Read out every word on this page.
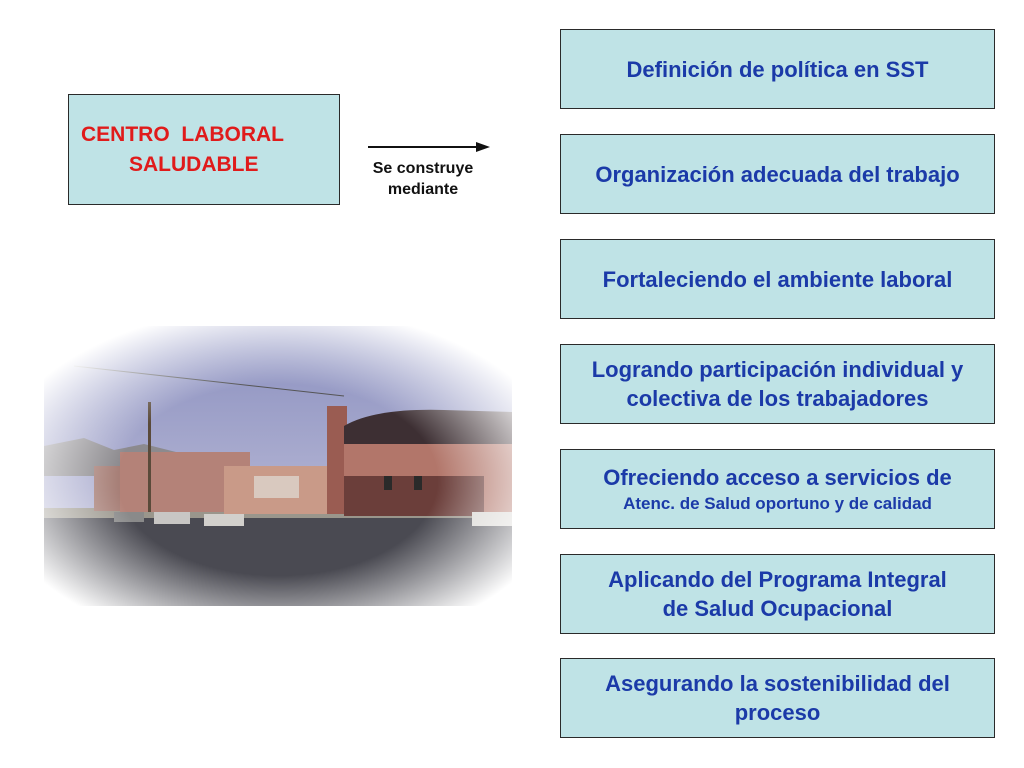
CENTRO  LABORAL
SALUDABLE	Se construye
mediante
Definición de política en SST
Organización adecuada del trabajo
Fortaleciendo el ambiente laboral
Logrando participación individual y
colectiva de los trabajadores
Ofreciendo acceso a servicios de
Atenc. de Salud oportuno y de calidad
Aplicando del Programa Integral
de Salud Ocupacional
Asegurando la sostenibilidad del
proceso
